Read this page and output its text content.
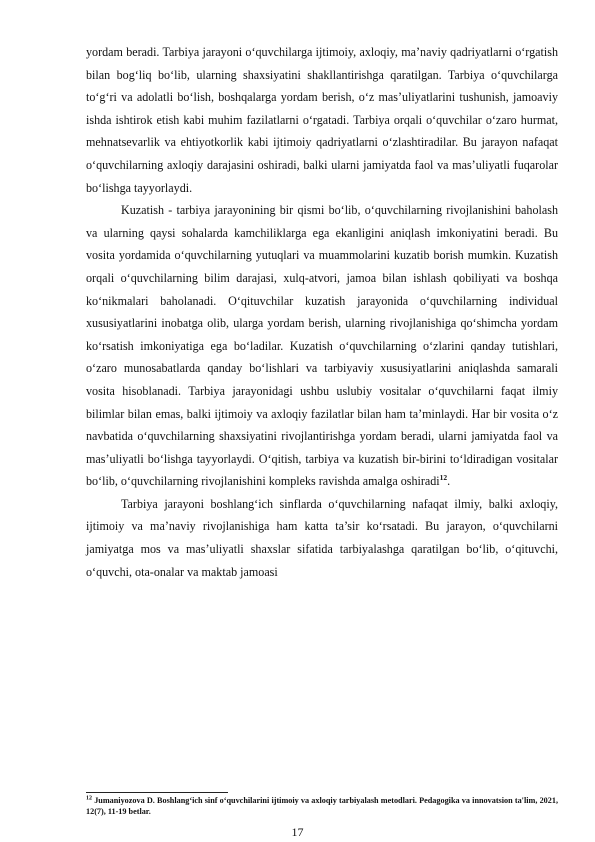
yordam beradi. Tarbiya jarayoni o‘quvchilarga ijtimoiy, axloqiy, ma’naviy qadriyatlarni o‘rgatish bilan bog‘liq bo‘lib, ularning shaxsiyatini shakllantirishga qaratilgan. Tarbiya o‘quvchilarga to‘g‘ri va adolatli bo‘lish, boshqalarga yordam berish, o‘z mas’uliyatlarini tushunish, jamoaviy ishda ishtirok etish kabi muhim fazilatlarni o‘rgatadi. Tarbiya orqali o‘quvchilar o‘zaro hurmat, mehnatsevarlik va ehtiyotkorlik kabi ijtimoiy qadriyatlarni o‘zlashtiradilar. Bu jarayon nafaqat o‘quvchilarning axloqiy darajasini oshiradi, balki ularni jamiyatda faol va mas’uliyatli fuqarolar bo‘lishga tayyorlaydi.

Kuzatish - tarbiya jarayonining bir qismi bo‘lib, o‘quvchilarning rivojlanishini baholash va ularning qaysi sohalarda kamchiliklarga ega ekanligini aniqlash imkoniyatini beradi. Bu vosita yordamida o‘quvchilarning yutuqlari va muammolarini kuzatib borish mumkin. Kuzatish orqali o‘quvchilarning bilim darajasi, xulq-atvori, jamoa bilan ishlash qobiliyati va boshqa ko‘nikmalari baholanadi. O‘qituvchilar kuzatish jarayonida o‘quvchilarning individual xususiyatlarini inobatga olib, ularga yordam berish, ularning rivojlanishiga qo‘shimcha yordam ko‘rsatish imkoniyatiga ega bo‘ladilar. Kuzatish o‘quvchilarning o‘zlarini qanday tutishlari, o‘zaro munosabatlarda qanday bo‘lishlari va tarbiyaviy xususiyatlarini aniqlashda samarali vosita hisoblanadi. Tarbiya jarayonidagi ushbu uslubiy vositalar o‘quvchilarni faqat ilmiy bilimlar bilan emas, balki ijtimoiy va axloqiy fazilatlar bilan ham ta’minlaydi. Har bir vosita o‘z navbatida o‘quvchilarning shaxsiyatini rivojlantirishga yordam beradi, ularni jamiyatda faol va mas’uliyatli bo‘lishga tayyorlaydi. O‘qitish, tarbiya va kuzatish bir-birini to‘ldiradigan vositalar bo‘lib, o‘quvchilarning rivojlanishini kompleks ravishda amalga oshiradi$^{12}$.

Tarbiya jarayoni boshlang‘ich sinflarda o‘quvchilarning nafaqat ilmiy, balki axloqiy, ijtimoiy va ma’naviy rivojlanishiga ham katta ta’sir ko‘rsatadi. Bu jarayon, o‘quvchilarni jamiyatga mos va mas’uliyatli shaxslar sifatida tarbiyalashga qaratilgan bo‘lib, o‘qituvchi, o‘quvchi, ota-onalar va maktab jamoasi

$^{12}$ Jumaniyozova D. Boshlang‘ich sinf o‘quvchilarini ijtimoiy va axloqiy tarbiyalash metodlari. Pedagogika va innovatsion ta'lim, 2021, 12(7), 11-19 betlar.
17
